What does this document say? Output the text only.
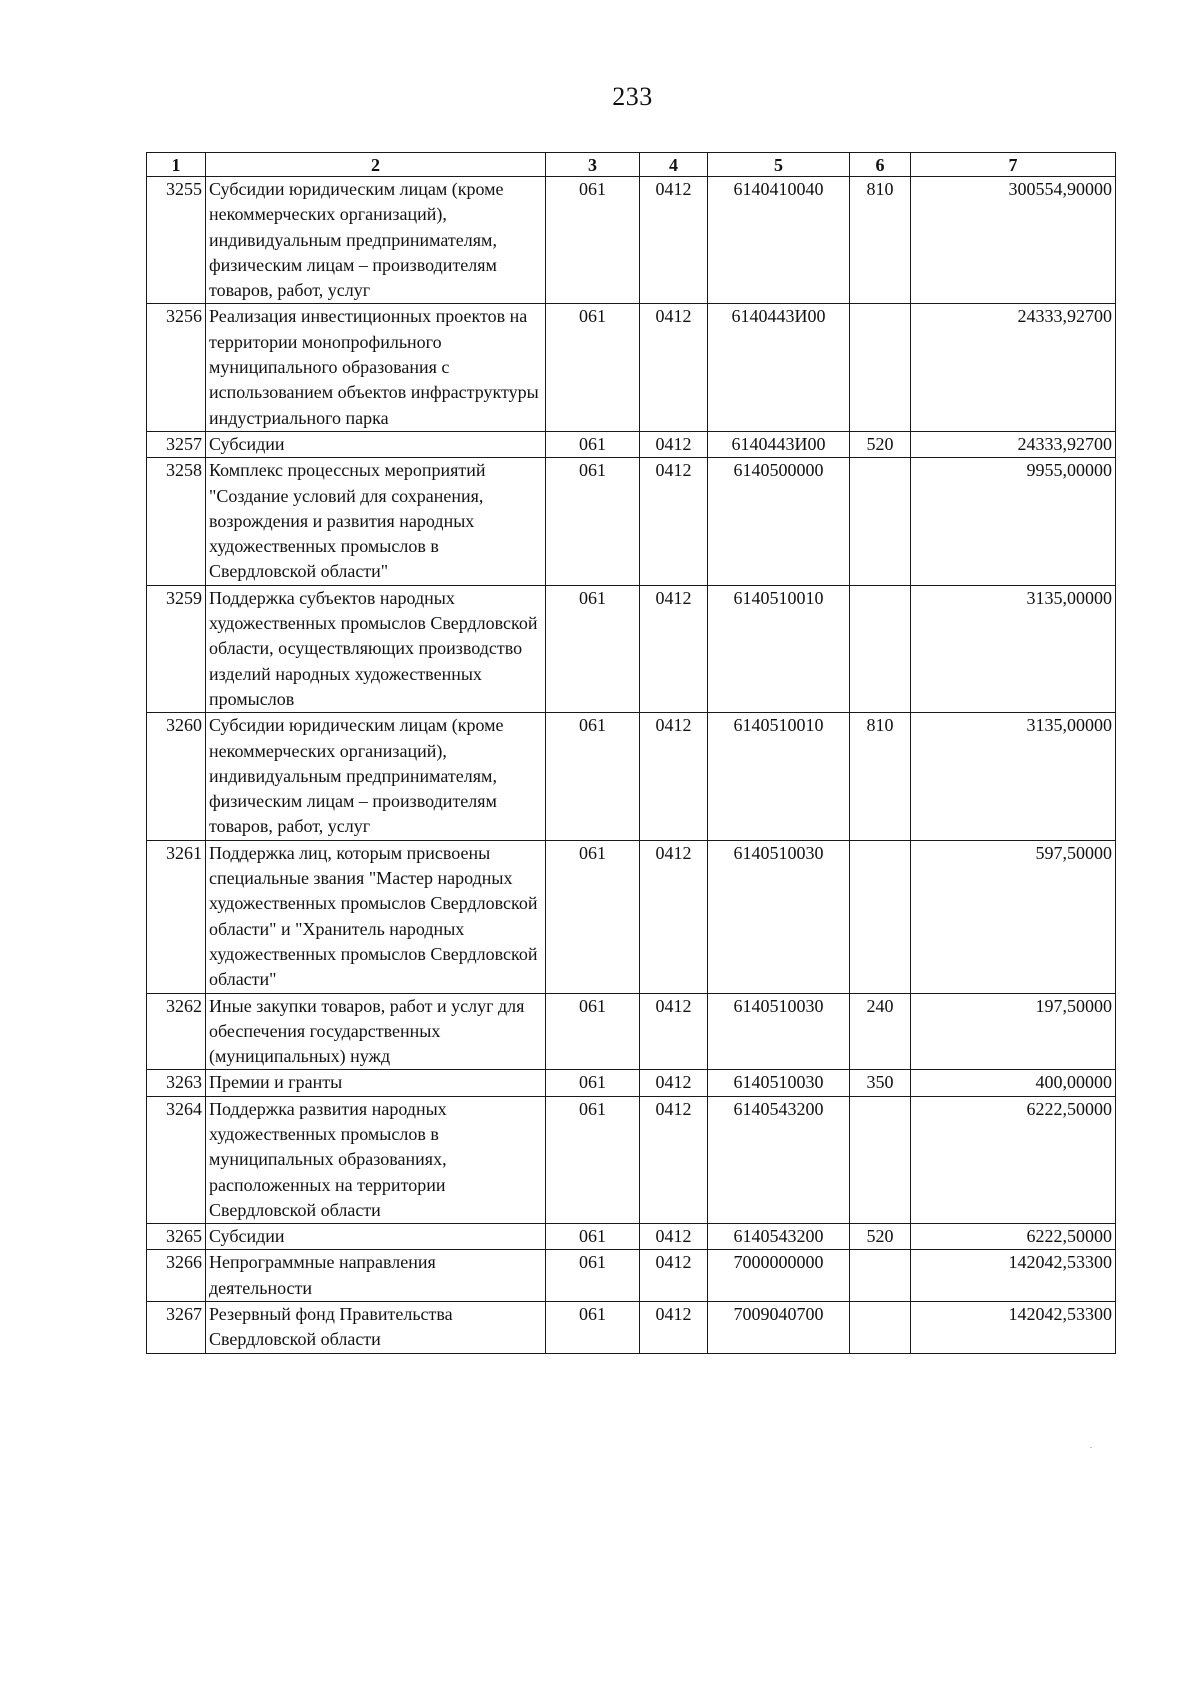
233
1	2	3	4	5	6	7
3255	Субсидии юридическим лицам (кроме некоммерческих организаций), индивидуальным предпринимателям, физическим лицам – производителям товаров, работ, услуг	061	0412	6140410040	810	300554,90000
3256	Реализация инвестиционных проектов на территории монопрофильного муниципального образования с использованием объектов инфраструктуры индустриального парка	061	0412	6140443И00		24333,92700
3257	Субсидии	061	0412	6140443И00	520	24333,92700
3258	Комплекс процессных мероприятий "Создание условий для сохранения, возрождения и развития народных художественных промыслов в Свердловской области"	061	0412	6140500000		9955,00000
3259	Поддержка субъектов народных художественных промыслов Свердловской области, осуществляющих производство изделий народных художественных промыслов	061	0412	6140510010		3135,00000
3260	Субсидии юридическим лицам (кроме некоммерческих организаций), индивидуальным предпринимателям, физическим лицам – производителям товаров, работ, услуг	061	0412	6140510010	810	3135,00000
3261	Поддержка лиц, которым присвоены специальные звания "Мастер народных художественных промыслов Свердловской области" и "Хранитель народных художественных промыслов Свердловской области"	061	0412	6140510030		597,50000
3262	Иные закупки товаров, работ и услуг для обеспечения государственных (муниципальных) нужд	061	0412	6140510030	240	197,50000
3263	Премии и гранты	061	0412	6140510030	350	400,00000
3264	Поддержка развития народных художественных промыслов в муниципальных образованиях, расположенных на территории Свердловской области	061	0412	6140543200		6222,50000
3265	Субсидии	061	0412	6140543200	520	6222,50000
3266	Непрограммные направления деятельности	061	0412	7000000000		142042,53300
3267	Резервный фонд Правительства Свердловской области	061	0412	7009040700		142042,53300
